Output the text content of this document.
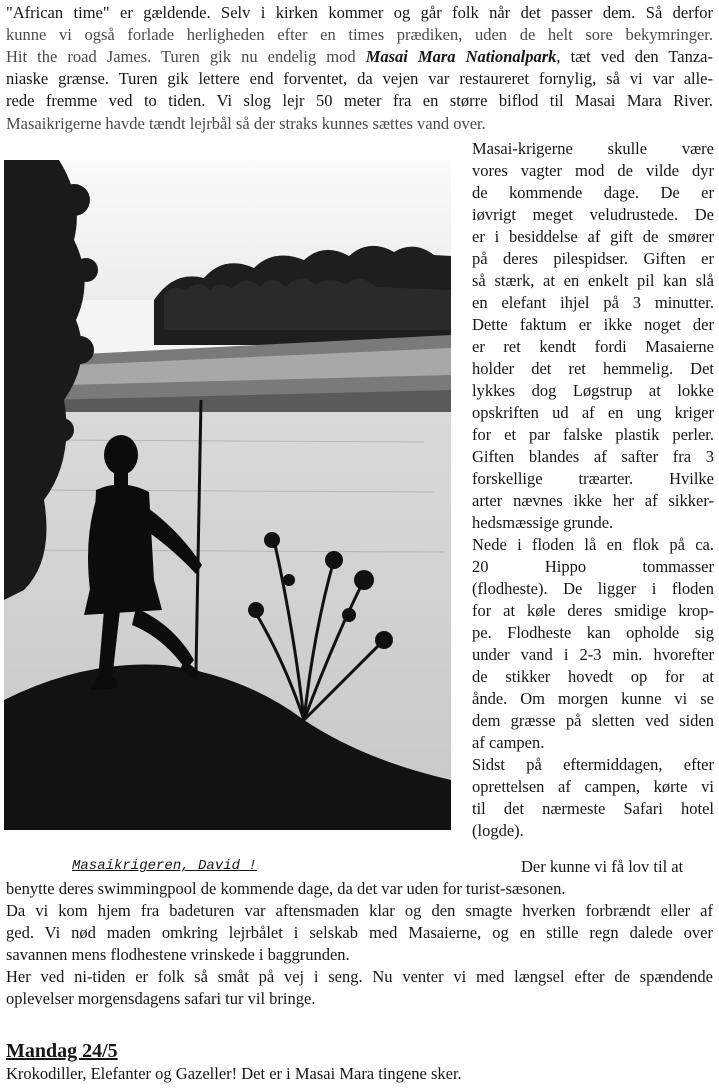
"African time" er gældende. Selv i kirken kommer og går folk når det passer dem. Så derfor
kunne vi også forlade herligheden efter en times prædiken, uden de helt sore bekymringer.
Hit the road James. Turen gik nu endelig mod Masai Mara Nationalpark, tæt ved den Tanza-
niaske grænse. Turen gik lettere end forventet, da vejen var restaureret fornylig, så vi var alle-
rede fremme ved to tiden. Vi slog lejr 50 meter fra en større biflod til Masai Mara River.
Masaikrigerne havde tændt lejrbål så der straks kunnes sættes vand over.
Masai-krigerne skulle være
vores vagter mod de vilde dyr
de kommende dage. De er
iøvrigt meget veludrustede. De
er i besiddelse af gift de smører
på deres pilespidser. Giften er
så stærk, at en enkelt pil kan slå
en elefant ihjel på 3 minutter.
Dette faktum er ikke noget der
er ret kendt fordi Masaierne
holder det ret hemmelig. Det
lykkes dog Løgstrup at lokke
opskriften ud af en ung kriger
for et par falske plastik perler.
Giften blandes af safter fra 3
forskellige træarter. Hvilke
arter nævnes ikke her af sikker-
hedsmæssige grunde.
Nede i floden lå en flok på ca.
20 Hippo tommasser
(flodheste). De ligger i floden
for at køle deres smidige krop-
pe. Flodheste kan opholde sig
under vand i 2-3 min. hvorefter
de stikker hovedt op for at
ånde. Om morgen kunne vi se
dem græsse på sletten ved siden
af campen.
Sidst på eftermiddagen, efter
oprettelsen af campen, kørte vi
til det nærmeste Safari hotel
(logde).
Masaikrigeren, David !	Der kunne vi få lov til at
benytte deres swimmingpool de kommende dage, da det var uden for turist-sæsonen.
Da vi kom hjem fra badeturen var aftensmaden klar og den smagte hverken forbrændt eller af
ged. Vi nød maden omkring lejrbålet i selskab med Masaierne, og en stille regn dalede over
savannen mens flodhestene vrinskede i baggrunden.
Her ved ni-tiden er folk så småt på vej i seng. Nu venter vi med længsel efter de spændende
oplevelser morgensdagens safari tur vil bringe.
Mandag 24/5
Krokodiller, Elefanter og Gazeller! Det er i Masai Mara tingene sker.
